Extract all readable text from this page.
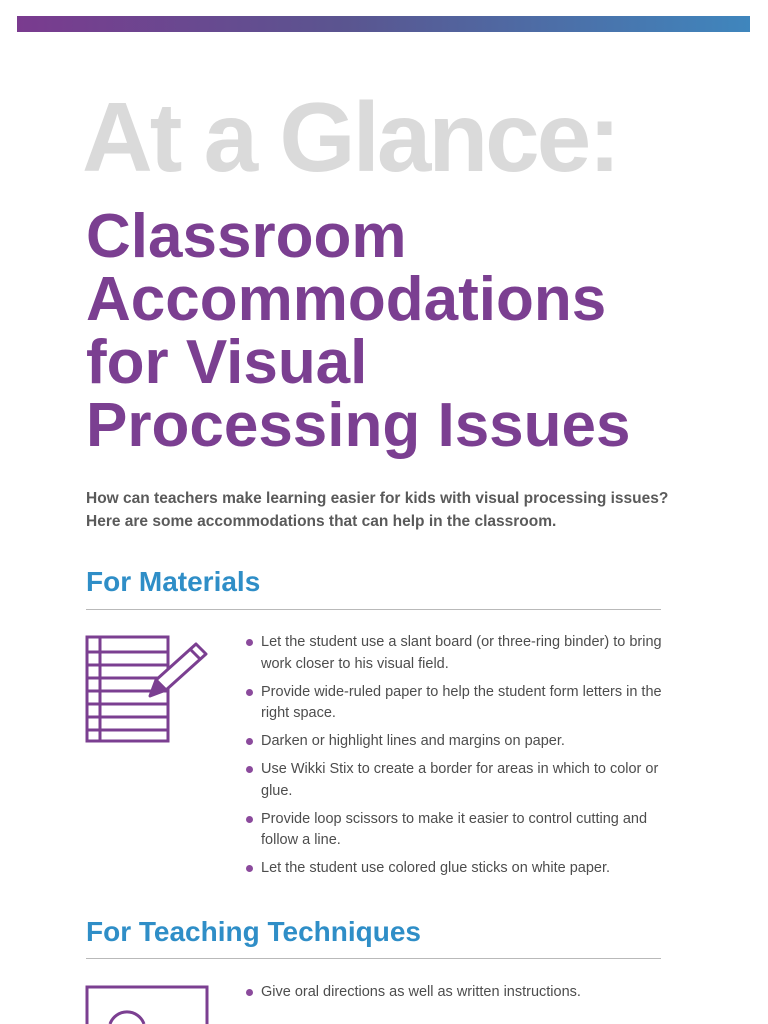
At a Glance:
Classroom
Accommodations
for Visual
Processing Issues

How can teachers make learning easier for kids with visual processing issues? Here are some accommodations that can help in the classroom.

For Materials
Let the student use a slant board (or three-ring binder) to bring work closer to his visual field.
Provide wide-ruled paper to help the student form letters in the right space.
Darken or highlight lines and margins on paper.
Use Wikki Stix to create a border for areas in which to color or glue.
Provide loop scissors to make it easier to control cutting and follow a line.
Let the student use colored glue sticks on white paper.
For Teaching Techniques
Give oral directions as well as written instructions.
